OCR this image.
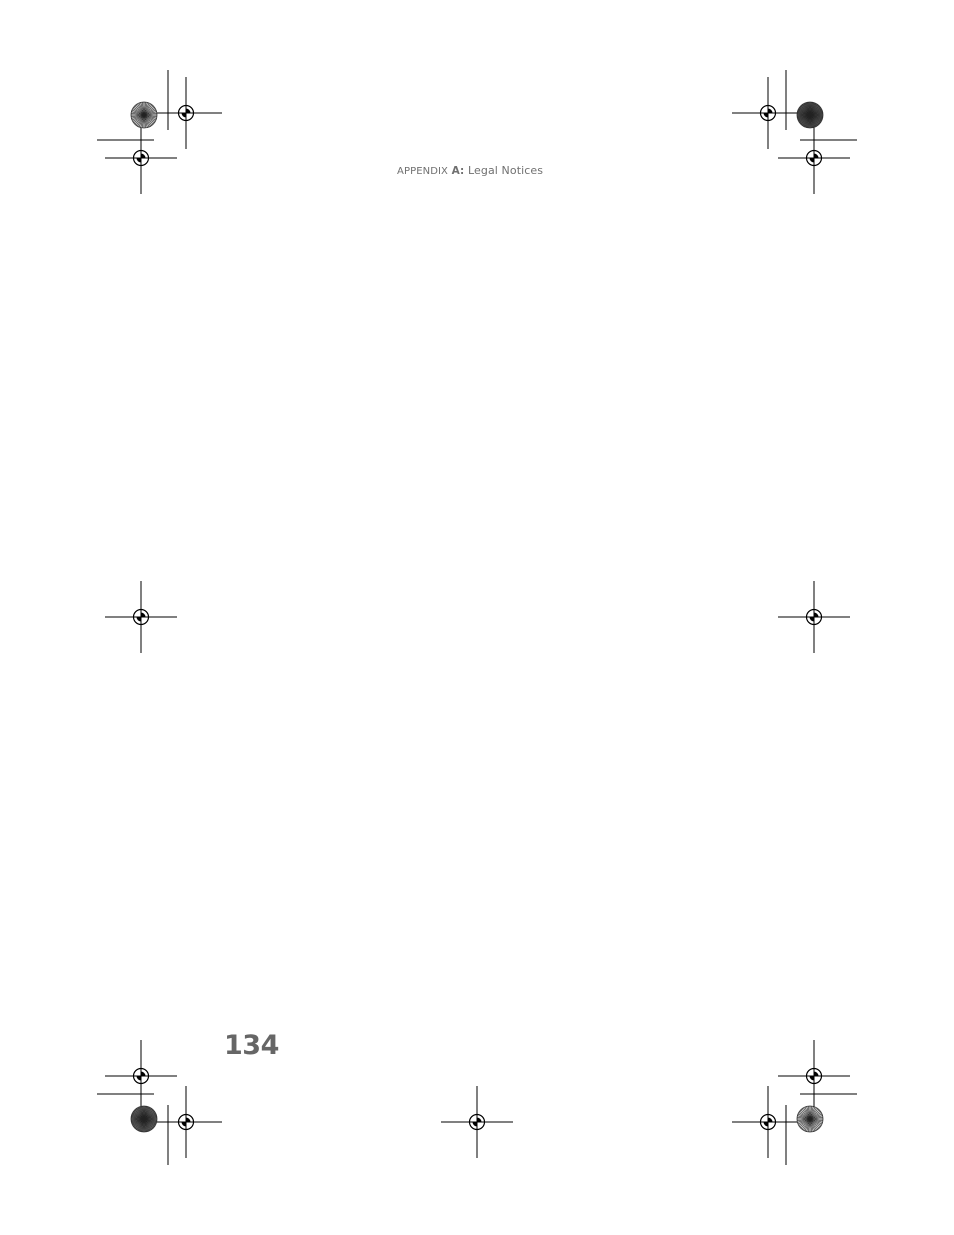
APPENDIX A: Legal Notices
134
